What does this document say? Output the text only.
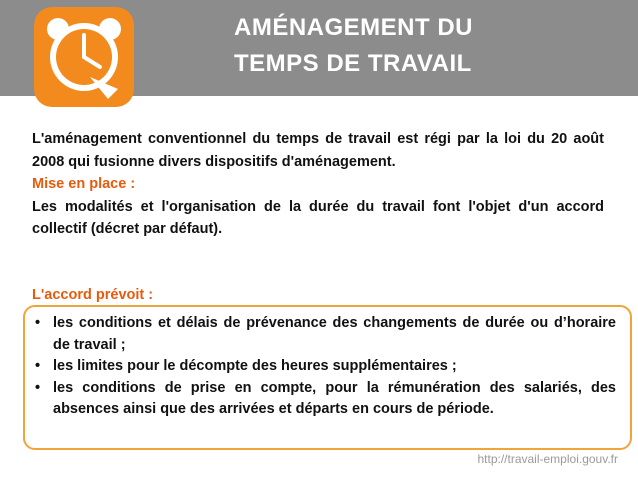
AMÉNAGEMENT DU
TEMPS DE TRAVAIL

L'aménagement conventionnel du temps de travail est régi par la loi du 20 août 2008 qui fusionne divers dispositifs d'aménagement.

Mise en place :

Les modalités et l'organisation de la durée du travail font l'objet d'un accord collectif (décret par défaut).

L'accord prévoit :
• les conditions et délais de prévenance des changements de durée ou d’horaire de travail ;
• les limites pour le décompte des heures supplémentaires ;
• les conditions de prise en compte, pour la rémunération des salariés, des absences ainsi que des arrivées et départs en cours de période.
http://travail-emploi.gouv.fr
